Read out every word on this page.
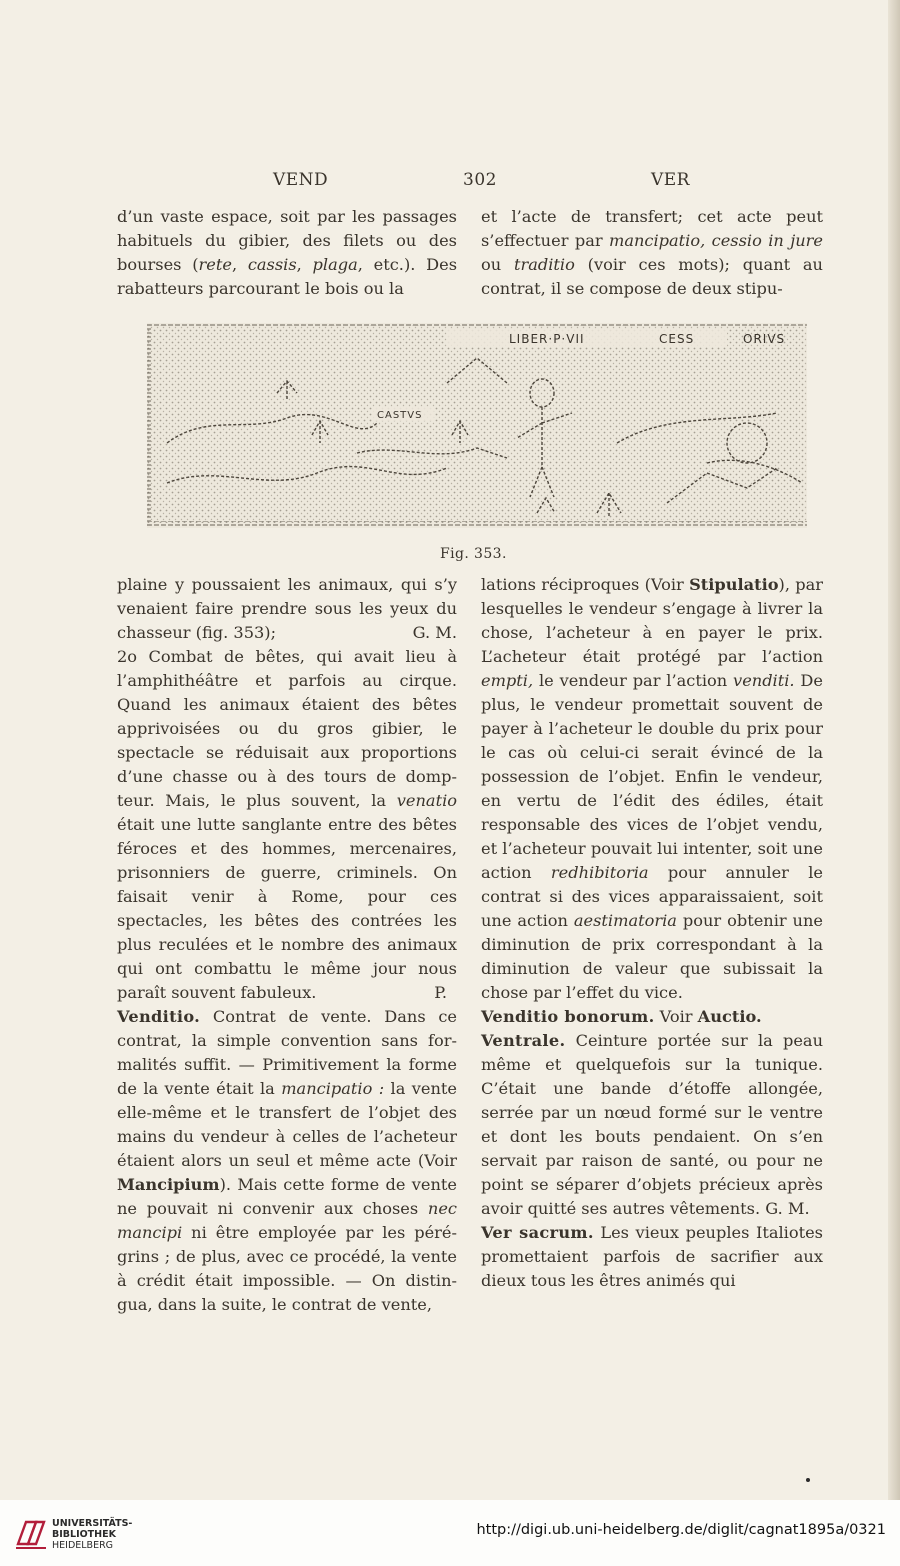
VEND	302	VER

d’un vaste espace, soit par les passages habituels du gibier, des filets ou des bourses (rete, cassis, plaga, etc.). Des rabatteurs parcourant le bois ou la

et l’acte de transfert; cet acte peut s’effectuer par mancipatio, cessio in jure ou traditio (voir ces mots); quant au contrat, il se compose de deux stipu-

LIBER·P·VII	CESS	ORIVS
CASTVS
Fig. 353.

plaine y poussaient les animaux, qui s’y venaient faire prendre sous les yeux du chasseur (fig. 353);	G. M.

2o Combat de bêtes, qui avait lieu à l’amphithéâtre et parfois au cirque. Quand les animaux étaient des bêtes apprivoisées ou du gros gibier, le spectacle se réduisait aux proportions d’une chasse ou à des tours de dompteur. Mais, le plus souvent, la venatio était une lutte sanglante entre des bêtes féroces et des hommes, mercenaires, prisonniers de guerre, criminels. On faisait venir à Rome, pour ces spectacles, les bêtes des contrées les plus reculées et le nombre des animaux qui ont combattu le même jour nous paraît souvent fabuleux.	P.

Venditio. Contrat de vente. Dans ce contrat, la simple convention sans formalités suffit. — Primitivement la forme de la vente était la mancipatio : la vente elle-même et le transfert de l’objet des mains du vendeur à celles de l’acheteur étaient alors un seul et même acte (Voir Mancipium). Mais cette forme de vente ne pouvait ni convenir aux choses nec mancipi ni être employée par les pérégrins ; de plus, avec ce procédé, la vente à crédit était impossible. — On distingua, dans la suite, le contrat de vente,

lations réciproques (Voir Stipulatio), par lesquelles le vendeur s’engage à livrer la chose, l’acheteur à en payer le prix. L’acheteur était protégé par l’action empti, le vendeur par l’action venditi. De plus, le vendeur promettait souvent de payer à l’acheteur le double du prix pour le cas où celui-ci serait évincé de la possession de l’objet. Enfin le vendeur, en vertu de l’édit des édiles, était responsable des vices de l’objet vendu, et l’acheteur pouvait lui intenter, soit une action redhibitoria pour annuler le contrat si des vices apparaissaient, soit une action aestimatoria pour obtenir une diminution de prix correspondant à la diminution de valeur que subissait la chose par l’effet du vice.

Venditio bonorum. Voir Auctio.

Ventrale. Ceinture portée sur la peau même et quelquefois sur la tunique. C’était une bande d’étoffe allongée, serrée par un nœud formé sur le ventre et dont les bouts pendaient. On s’en servait par raison de santé, ou pour ne point se séparer d’objets précieux après avoir quitté ses autres vêtements. G. M.

Ver sacrum. Les vieux peuples Italiotes promettaient parfois de sacrifier aux dieux tous les êtres animés qui

UNIVERSITÄTS-
BIBLIOTHEK
HEIDELBERG
http://digi.ub.uni-heidelberg.de/diglit/cagnat1895a/0321
